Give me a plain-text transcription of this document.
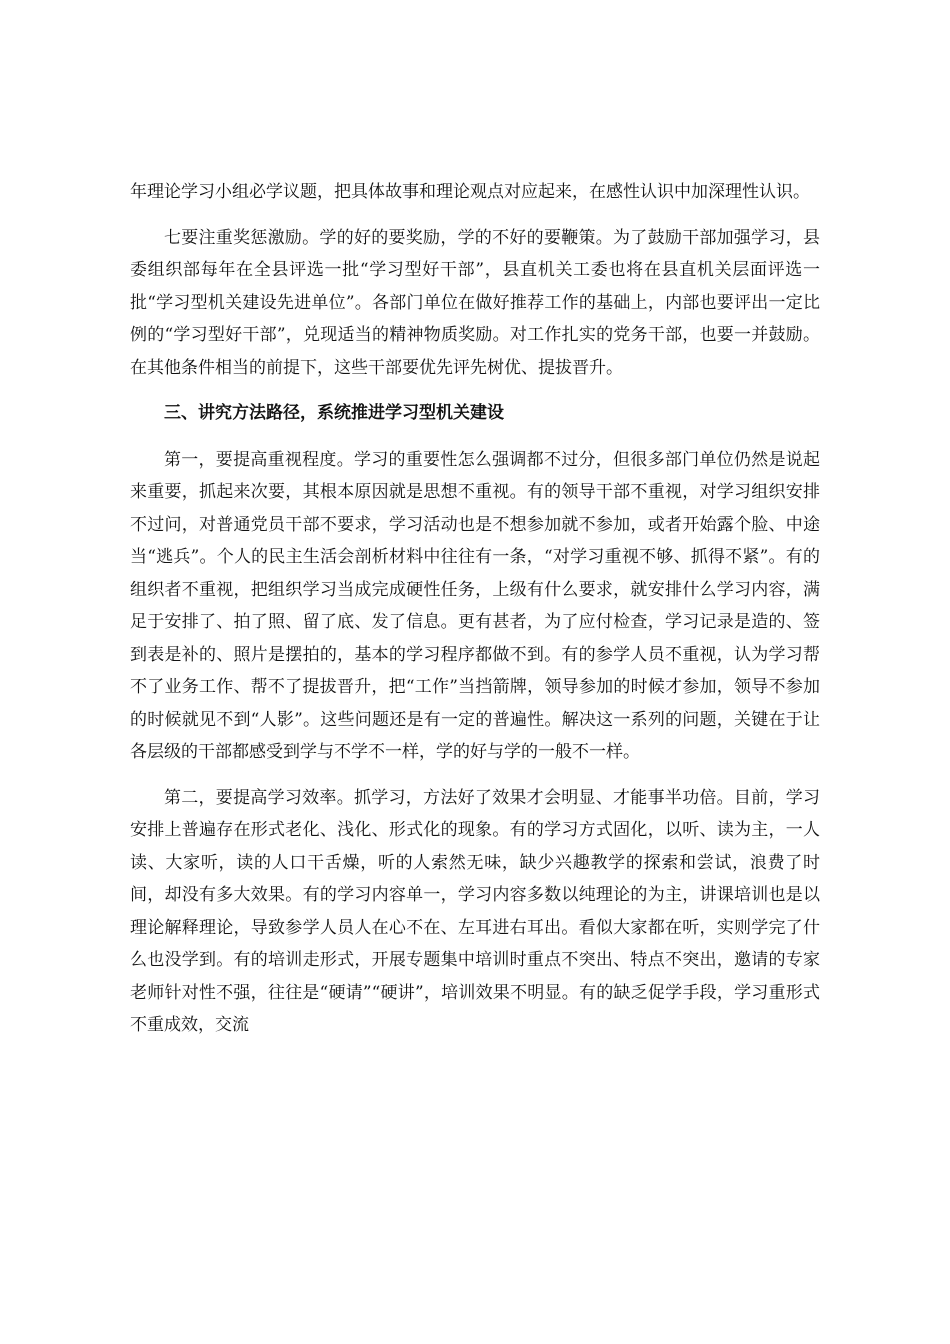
年理论学习小组必学议题，把具体故事和理论观点对应起来，在感性认识中加深理性认识。

七要注重奖惩激励。学的好的要奖励，学的不好的要鞭策。为了鼓励干部加强学习，县委组织部每年在全县评选一批“学习型好干部”，县直机关工委也将在县直机关层面评选一批“学习型机关建设先进单位”。各部门单位在做好推荐工作的基础上，内部也要评出一定比例的“学习型好干部”，兑现适当的精神物质奖励。对工作扎实的党务干部，也要一并鼓励。在其他条件相当的前提下，这些干部要优先评先树优、提拔晋升。

三、讲究方法路径，系统推进学习型机关建设

第一，要提高重视程度。学习的重要性怎么强调都不过分，但很多部门单位仍然是说起来重要，抓起来次要，其根本原因就是思想不重视。有的领导干部不重视，对学习组织安排不过问，对普通党员干部不要求，学习活动也是不想参加就不参加，或者开始露个脸、中途当“逃兵”。个人的民主生活会剖析材料中往往有一条，“对学习重视不够、抓得不紧”。有的组织者不重视，把组织学习当成完成硬性任务，上级有什么要求，就安排什么学习内容，满足于安排了、拍了照、留了底、发了信息。更有甚者，为了应付检查，学习记录是造的、签到表是补的、照片是摆拍的，基本的学习程序都做不到。有的参学人员不重视，认为学习帮不了业务工作、帮不了提拔晋升，把“工作”当挡箭牌，领导参加的时候才参加，领导不参加的时候就见不到“人影”。这些问题还是有一定的普遍性。解决这一系列的问题，关键在于让各层级的干部都感受到学与不学不一样，学的好与学的一般不一样。

第二，要提高学习效率。抓学习，方法好了效果才会明显、才能事半功倍。目前，学习安排上普遍存在形式老化、浅化、形式化的现象。有的学习方式固化，以听、读为主，一人读、大家听，读的人口干舌燥，听的人索然无味，缺少兴趣教学的探索和尝试，浪费了时间，却没有多大效果。有的学习内容单一，学习内容多数以纯理论的为主，讲课培训也是以理论解释理论，导致参学人员人在心不在、左耳进右耳出。看似大家都在听，实则学完了什么也没学到。有的培训走形式，开展专题集中培训时重点不突出、特点不突出，邀请的专家老师针对性不强，往往是“硬请”“硬讲”，培训效果不明显。有的缺乏促学手段，学习重形式不重成效，交流
